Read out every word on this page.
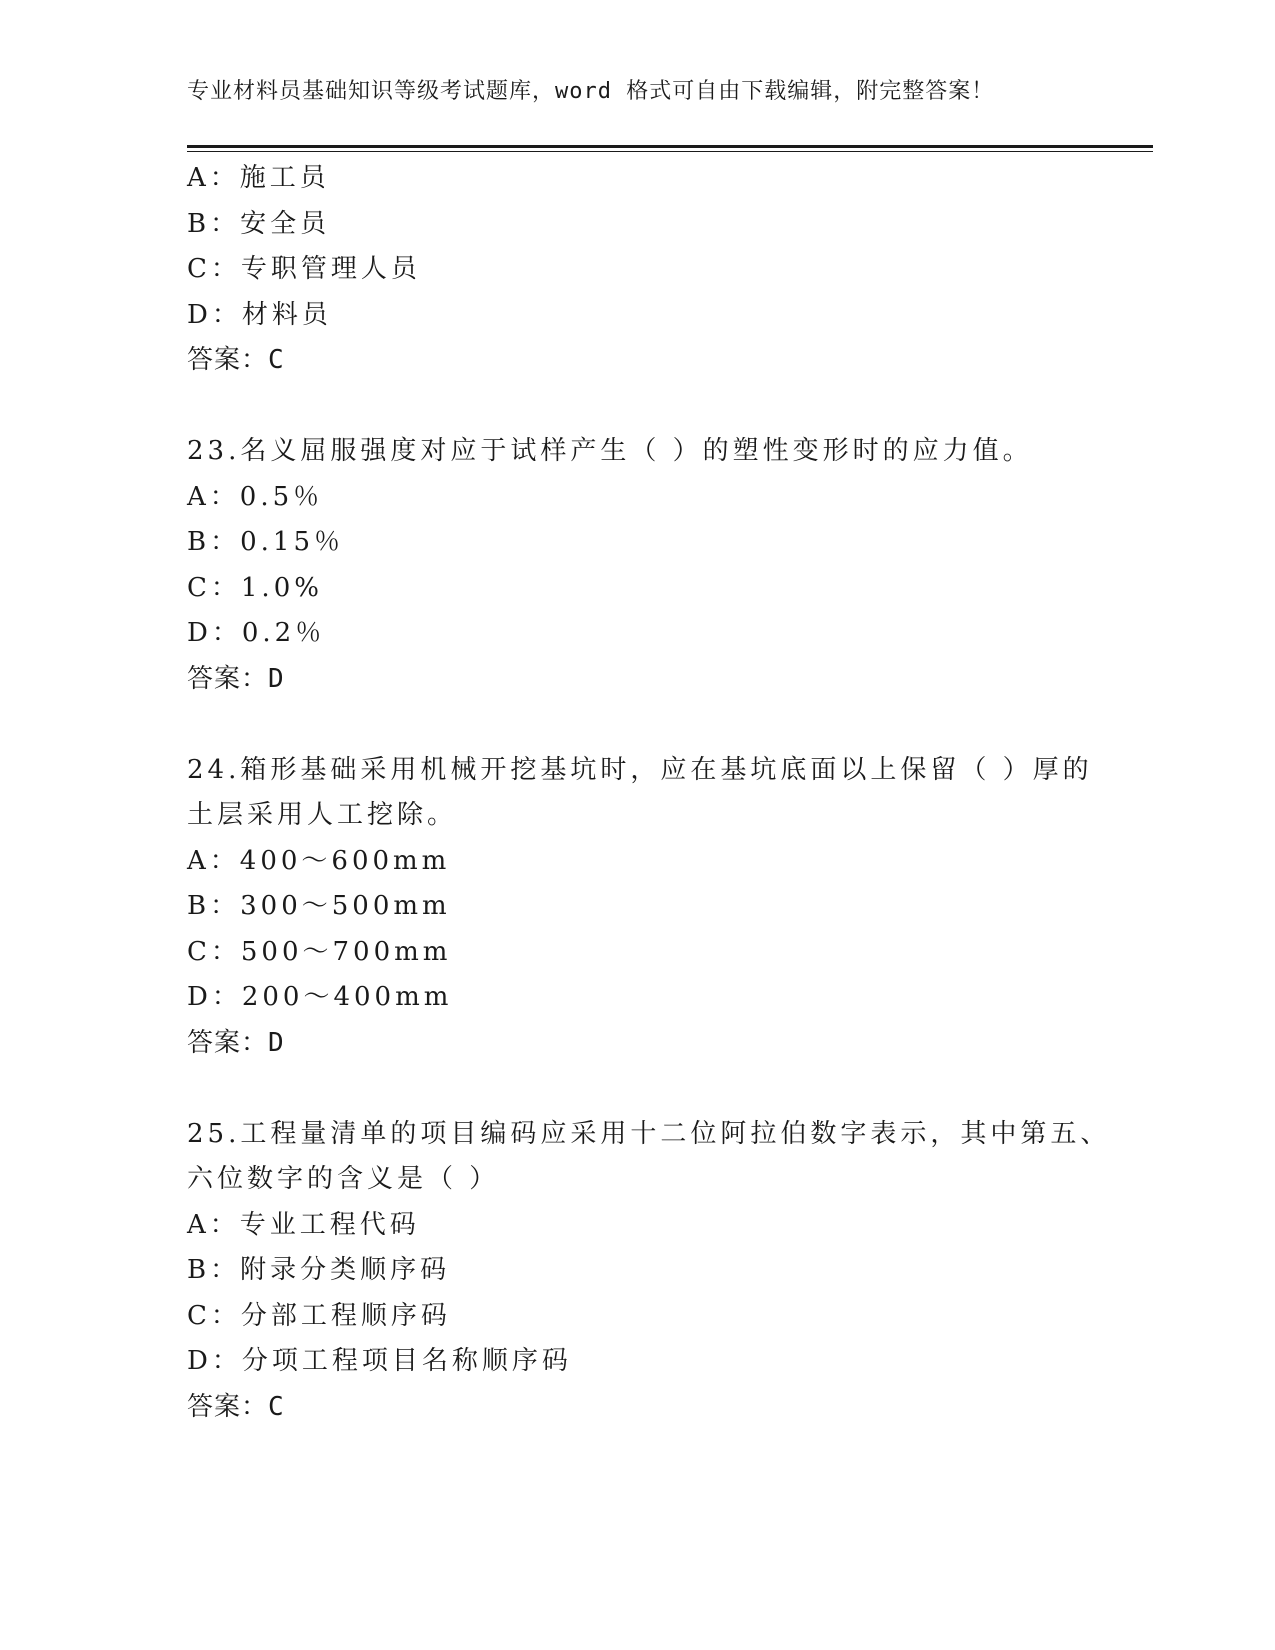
专业材料员基础知识等级考试题库，word 格式可自由下载编辑，附完整答案！
A：施工员
B：安全员
C：专职管理人员
D：材料员
答案：C
23.名义屈服强度对应于试样产生（ ）的塑性变形时的应力值。
A：0.5％
B：0.15％
C：1.0%
D：0.2％
答案：D
24.箱形基础采用机械开挖基坑时，应在基坑底面以上保留（ ）厚的
土层采用人工挖除。
A：400～600mm
B：300～500mm
C：500～700mm
D：200～400mm
答案：D
25.工程量清单的项目编码应采用十二位阿拉伯数字表示，其中第五、
六位数字的含义是（ ）
A：专业工程代码
B：附录分类顺序码
C：分部工程顺序码
D：分项工程项目名称顺序码
答案：C
